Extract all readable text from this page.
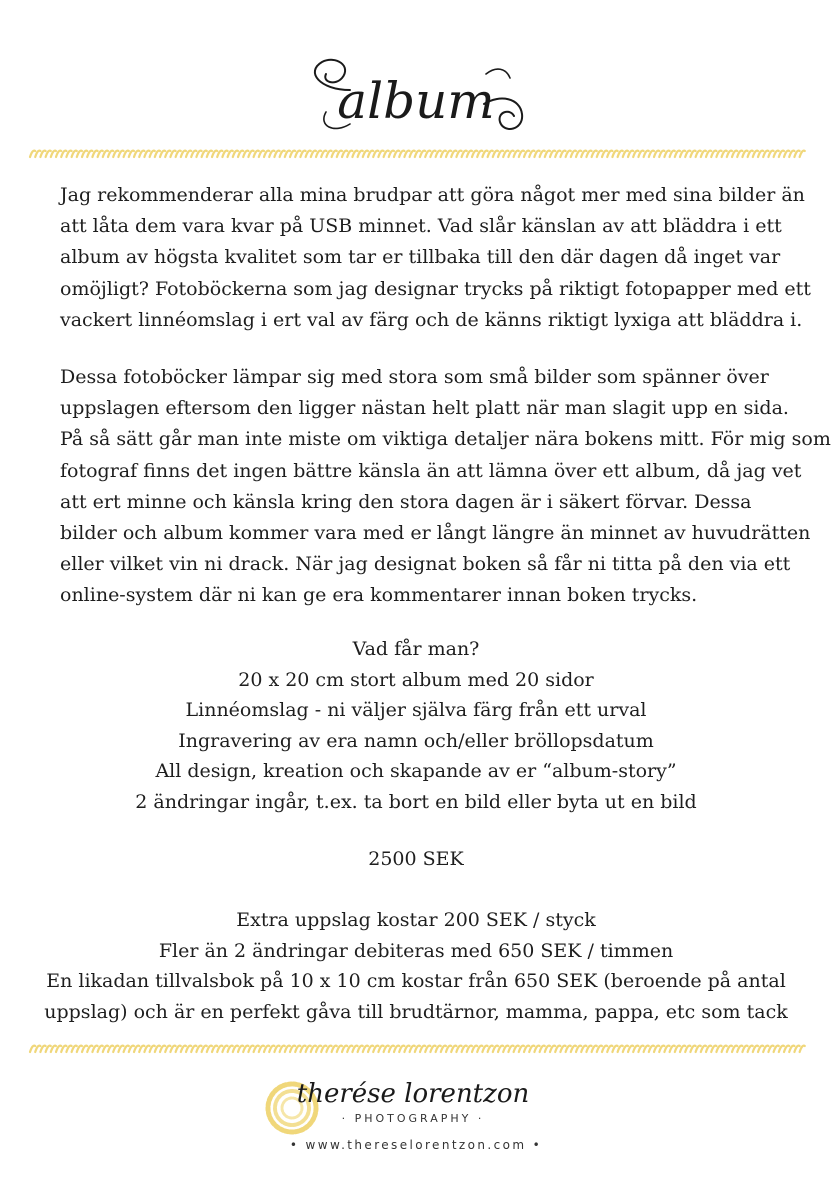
album
Jag rekommenderar alla mina brudpar att göra något mer med sina bilder än
att låta dem vara kvar på USB minnet. Vad slår känslan av att bläddra i ett
album av högsta kvalitet som tar er tillbaka till den där dagen då inget var
omöjligt? Fotoböckerna som jag designar trycks på riktigt fotopapper med ett
vackert linnéomslag i ert val av färg och de känns riktigt lyxiga att bläddra i.
Dessa fotoböcker lämpar sig med stora som små bilder som spänner över
uppslagen eftersom den ligger nästan helt platt när man slagit upp en sida.
På så sätt går man inte miste om viktiga detaljer nära bokens mitt. För mig som
fotograf finns det ingen bättre känsla än att lämna över ett album, då jag vet
att ert minne och känsla kring den stora dagen är i säkert förvar. Dessa
bilder och album kommer vara med er långt längre än minnet av huvudrätten
eller vilket vin ni drack. När jag designat boken så får ni titta på den via ett
online-system där ni kan ge era kommentarer innan boken trycks.
Vad får man?
20 x 20 cm stort album med 20 sidor
Linnéomslag - ni väljer själva färg från ett urval
Ingravering av era namn och/eller bröllopsdatum
All design, kreation och skapande av er “album-story”
2 ändringar ingår, t.ex. ta bort en bild eller byta ut en bild
2500 SEK
Extra uppslag kostar 200 SEK / styck
Fler än 2 ändringar debiteras med 650 SEK / timmen
En likadan tillvalsbok på 10 x 10 cm kostar från 650 SEK (beroende på antal
uppslag) och är en perfekt gåva till brudtärnor, mamma, pappa, etc som tack
therése lorentzon
· PHOTOGRAPHY ·
• www.thereselorentzon.com •
